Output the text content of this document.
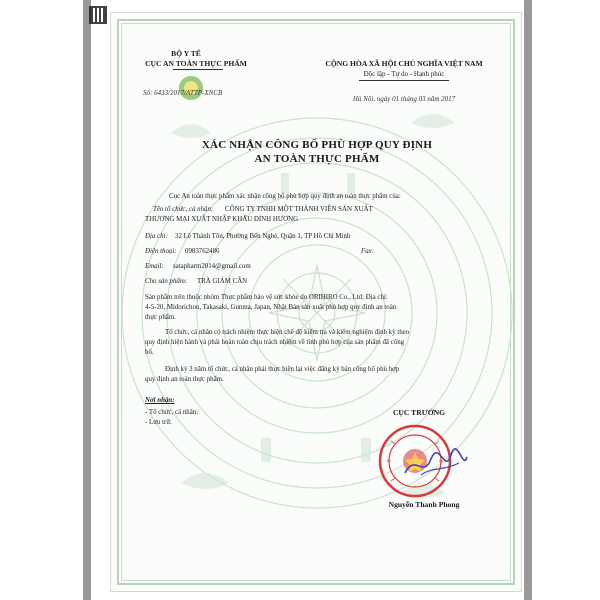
BỘ Y TẾ
CỤC AN TOÀN THỰC PHẨM
Số: 6433/2017/ATTP-XNCB
CỘNG HÒA XÃ HỘI CHỦ NGHĨA VIỆT NAM
Độc lập - Tự do - Hạnh phúc
Hà Nội, ngày 01 tháng 03 năm 2017
XÁC NHẬN CÔNG BỐ PHÙ HỢP QUY ĐỊNH
AN TOÀN THỰC PHẨM
Cục An toàn thực phẩm xác nhận công bố phù hợp quy định an toàn thực phẩm của:
Tên tổ chức, cá nhân: CÔNG TY TNHH MỘT THÀNH VIÊN SẢN XUẤT
THƯƠNG MẠI XUẤT NHẬP KHẨU ĐỈNH HƯƠNG
Địa chỉ: 32 Lê Thánh Tôn, Phường Bến Nghé, Quận 1, TP Hồ Chí Minh
Điện thoại: 0983762486	Fax:
Email: satapharm2014@gmail.com
Cho sản phẩm: TRÀ GIẢM CÂN
Sản phẩm trên thuộc nhóm Thực phẩm bảo vệ sức khỏe do ORIHIRO Co., Ltd; Địa chỉ:
4-5-20, Midorichou, Takasaki, Gunma, Japan, Nhật Bản sản xuất phù hợp quy định an toàn
thực phẩm.
Tổ chức, cá nhân có trách nhiệm thực hiện chế độ kiểm tra và kiểm nghiệm định kỳ theo
quy định hiện hành và phải hoàn toàn chịu trách nhiệm về tính phù hợp của sản phẩm đã công
bố.
Định kỳ 3 năm tổ chức, cá nhân phải thực hiện lại việc đăng ký bản công bố phù hợp
quy định an toàn thực phẩm.
Nơi nhận:
- Tổ chức, cá nhân;
- Lưu trữ.
CỤC TRƯỞNG
Nguyễn Thanh Phong
